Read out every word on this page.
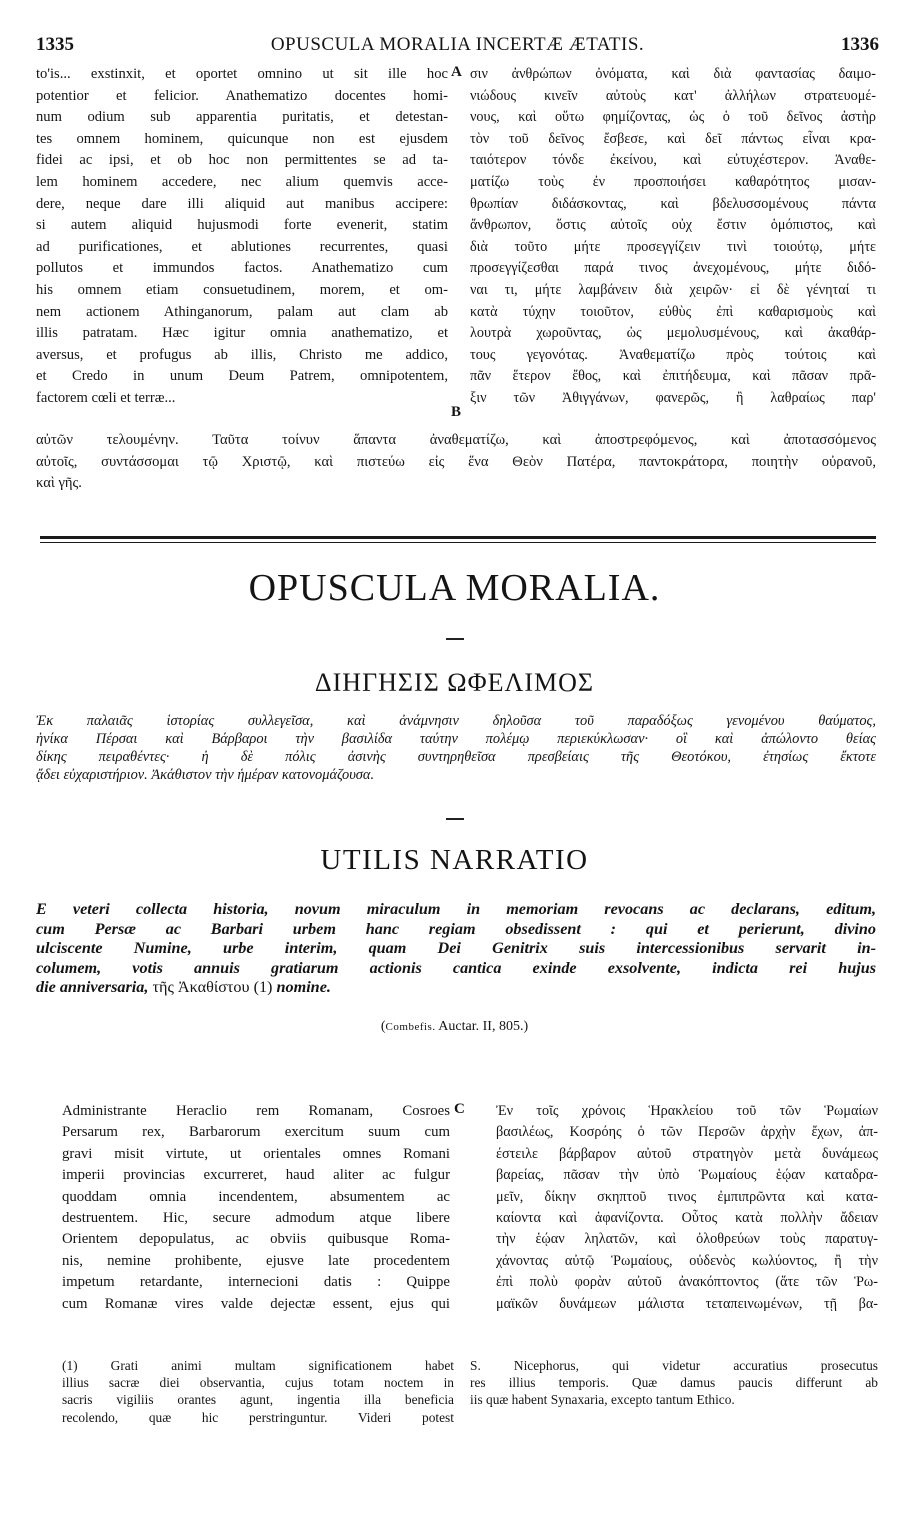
1335	OPUSCULA MORALIA INCERTÆ ÆTATIS.	1336
to'is... exstinxit, et oportet omnino ut sit ille hoc
potentior et felicior. Anathematizo docentes homi-
num odium sub apparentia puritatis, et detestan-
tes omnem hominem, quicunque non est ejusdem
fidei ac ipsi, et ob hoc non permittentes se ad ta-
lem hominem accedere, nec alium quemvis acce-
dere, neque dare illi aliquid aut manibus accipere:
si autem aliquid hujusmodi forte evenerit, statim
ad purificationes, et ablutiones recurrentes, quasi
pollutos et immundos factos. Anathematizo cum
his omnem etiam consuetudinem, morem, et om-
nem actionem Athinganorum, palam aut clam ab
illis patratam. Hæc igitur omnia anathematizo, et
aversus, et profugus ab illis, Christo me addico,
et Credo in unum Deum Patrem, omnipotentem,
factorem cœli et terræ...
A
B
σιν ἀνθρώπων ὀνόματα, καὶ διὰ φαντασίας δαιμο-
νιώδους κινεῖν αὐτοὺς κατ' ἀλλήλων στρατευομέ-
νους, καὶ οὕτω φημίζοντας, ὡς ὁ τοῦ δεῖνος ἀστὴρ
τὸν τοῦ δεῖνος ἔσβεσε, καὶ δεῖ πάντως εἶναι κρα-
ταιότερον τόνδε ἐκείνου, καὶ εὐτυχέστερον. Ἀναθε-
ματίζω τοὺς ἐν προσποιήσει καθαρότητος μισαν-
θρωπίαν διδάσκοντας, καὶ βδελυσσομένους πάντα
ἄνθρωπον, ὅστις αὐτοῖς οὐχ ἔστιν ὁμόπιστος, καὶ
διὰ τοῦτο μήτε προσεγγίζειν τινὶ τοιούτῳ, μήτε
προσεγγίζεσθαι παρά τινος ἀνεχομένους, μήτε διδό-
ναι τι, μήτε λαμβάνειν διὰ χειρῶν· εἰ δὲ γένηταί τι
κατὰ τύχην τοιοῦτον, εὐθὺς ἐπὶ καθαρισμοὺς καὶ
λουτρὰ χωροῦντας, ὡς μεμολυσμένους, καὶ ἀκαθάρ-
τους γεγονότας. Ἀναθεματίζω πρὸς τούτοις καὶ
πᾶν ἕτερον ἔθος, καὶ ἐπιτήδευμα, καὶ πᾶσαν πρᾶ-
ξιν τῶν Ἀθιγγάνων, φανερῶς, ἢ λαθραίως παρ'
αὐτῶν τελουμένην. Ταῦτα τοίνυν ἅπαντα ἀναθεματίζω, καὶ ἀποστρεφόμενος, καὶ ἀποτασσόμενος
αὐτοῖς, συντάσσομαι τῷ Χριστῷ, καὶ πιστεύω εἰς ἕνα Θεὸν Πατέρα, παντοκράτορα, ποιητὴν οὐρανοῦ,
καὶ γῆς.
OPUSCULA MORALIA.
ΔΙΗΓΗΣΙΣ ΩΦΕΛΙΜΟΣ
Ἐκ παλαιᾶς ἱστορίας συλλεγεῖσα, καὶ ἀνάμνησιν δηλοῦσα τοῦ παραδόξως γενομένου θαύματος,
ἡνίκα Πέρσαι καὶ Βάρβαροι τὴν βασιλίδα ταύτην πολέμῳ περιεκύκλωσαν· οἳ καὶ ἀπώλοντο θείας
δίκης πειραθέντες· ἡ δὲ πόλις ἀσινὴς συντηρηθεῖσα πρεσβείαις τῆς Θεοτόκου, ἐτησίως ἔκτοτε
ᾄδει εὐχαριστήριον. Ἀκάθιστον τὴν ἡμέραν κατονομάζουσα.
UTILIS NARRATIO
E veteri collecta historia, novum miraculum in memoriam revocans ac declarans, editum,
cum Persæ ac Barbari urbem hanc regiam obsedissent : qui et perierunt, divino
ulciscente Numine, urbe interim, quam Dei Genitrix suis intercessionibus servarit in-
columem, votis annuis gratiarum actionis cantica exinde exsolvente, indicta rei hujus
die anniversaria, τῆς Ἀκαθίστου (1) nomine.
(Combefis. Auctar. II, 805.)
Administrante Heraclio rem Romanam, Cosroes
Persarum rex, Barbarorum exercitum suum cum
gravi misit virtute, ut orientales omnes Romani
imperii provincias excurreret, haud aliter ac fulgur
quoddam omnia incendentem, absumentem ac
destruentem. Hic, secure admodum atque libere
Orientem depopulatus, ac obviis quibusque Roma-
nis, nemine prohibente, ejusve late procedentem
impetum retardante, internecioni datis : Quippe
cum Romanæ vires valde dejectæ essent, ejus qui
C Ἐν τοῖς χρόνοις Ἡρακλείου τοῦ τῶν Ῥωμαίων
βασιλέως, Κοσρόης ὁ τῶν Περσῶν ἀρχὴν ἔχων, ἀπ-
έστειλε βάρβαρον αὐτοῦ στρατηγὸν μετὰ δυνάμεως
βαρείας, πᾶσαν τὴν ὑπὸ Ῥωμαίους ἑῴαν καταδρα-
μεῖν, δίκην σκηπτοῦ τινος ἐμπιπρῶντα καὶ κατα-
καίοντα καὶ ἀφανίζοντα. Οὗτος κατὰ πολλὴν ἄδειαν
τὴν ἑῴαν ληλατῶν, καὶ ὀλοθρεύων τοὺς παρατυγ-
χάνοντας αὐτῷ Ῥωμαίους, οὐδενὸς κωλύοντος, ἢ τὴν
ἐπὶ πολὺ φορὰν αὐτοῦ ἀνακόπτοντος (ἅτε τῶν Ῥω-
μαϊκῶν δυνάμεων μάλιστα τεταπεινωμένων, τῇ βα-
(1) Grati animi multam significationem habet
illius sacræ diei observantia, cujus totam noctem in
sacris vigiliis orantes agunt, ingentia illa beneficia
recolendo, quæ hic perstringuntur. Videri potest
S. Nicephorus, qui videtur accuratius prosecutus
res illius temporis. Quæ damus paucis differunt ab
iis quæ habent Synaxaria, excepto tantum Ethico.
